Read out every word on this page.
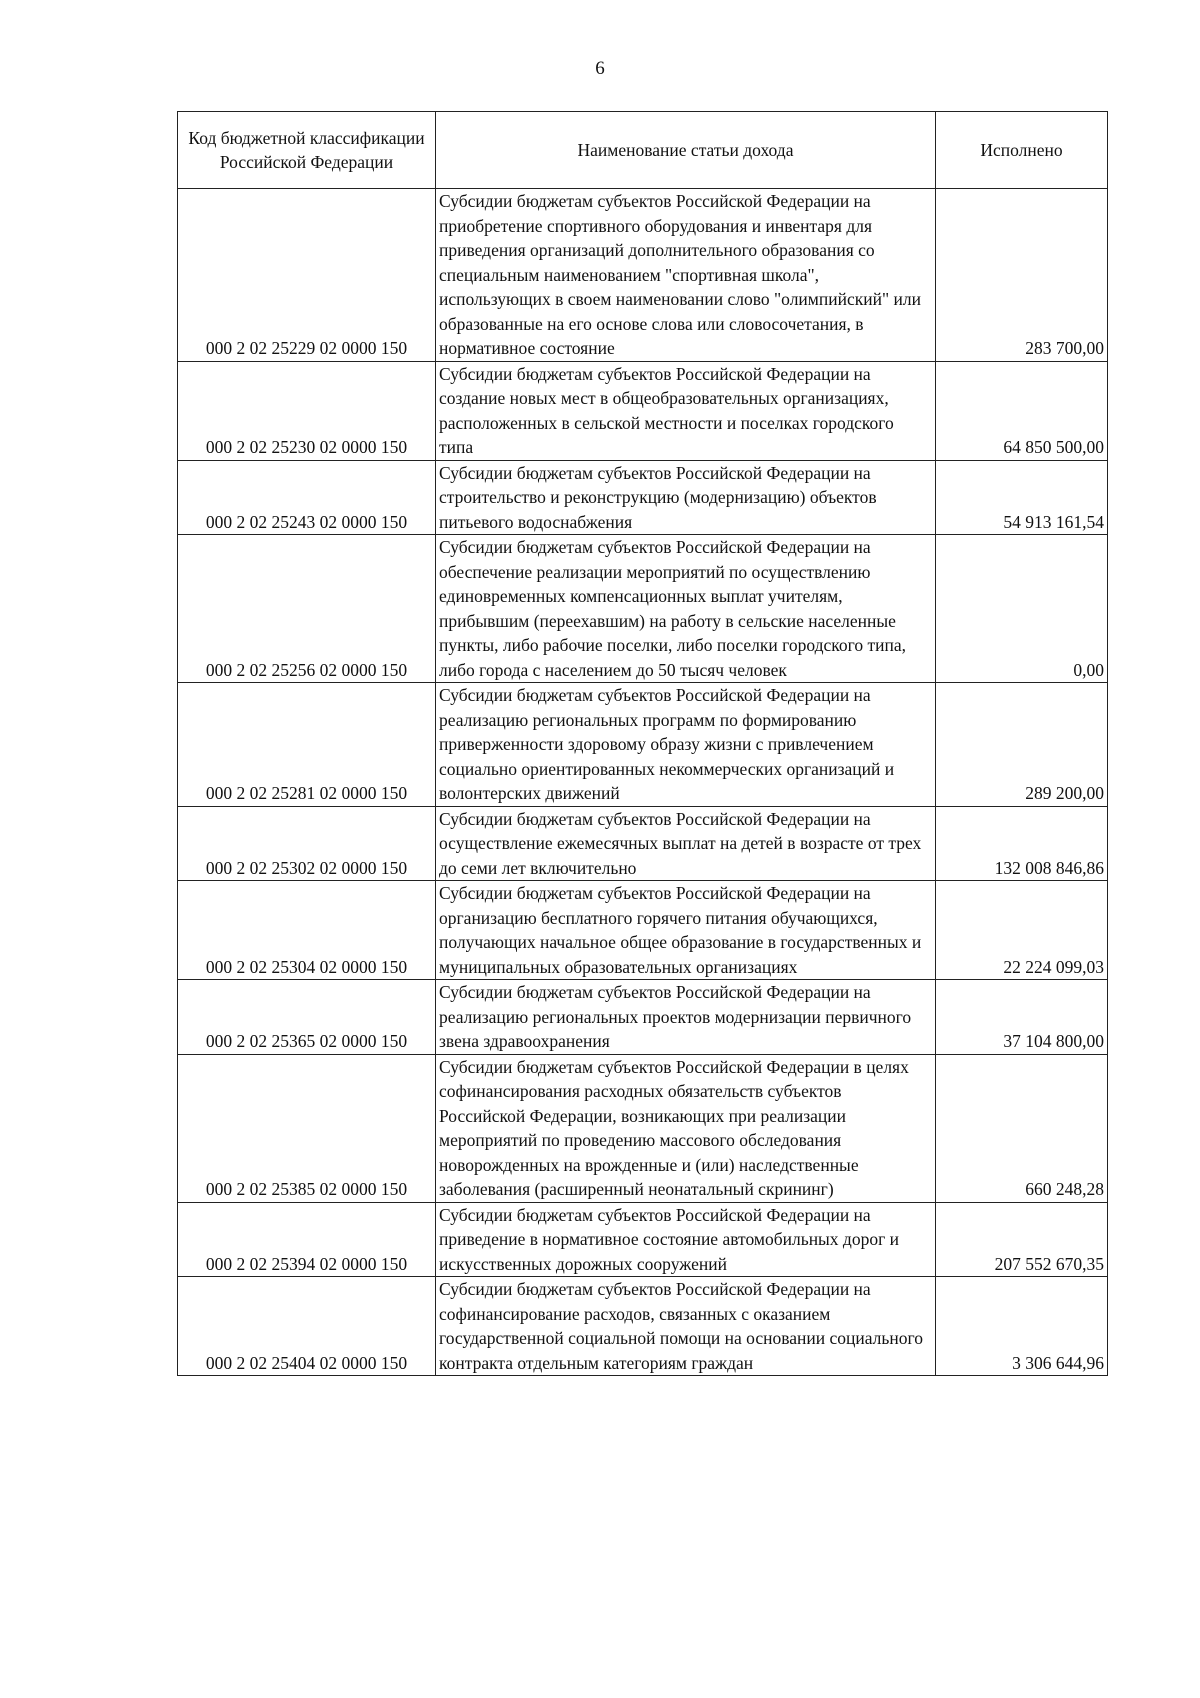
6
Код бюджетной классификации Российской Федерации	Наименование статьи дохода	Исполнено
000 2 02 25229 02 0000 150	Субсидии бюджетам субъектов Российской Федерации на приобретение спортивного оборудования и инвентаря для приведения организаций дополнительного образования со специальным наименованием "спортивная школа", использующих в своем наименовании слово "олимпийский" или образованные на его основе слова или словосочетания, в нормативное состояние	283 700,00
000 2 02 25230 02 0000 150	Субсидии бюджетам субъектов Российской Федерации на создание новых мест в общеобразовательных организациях, расположенных в сельской местности и поселках городского типа	64 850 500,00
000 2 02 25243 02 0000 150	Субсидии бюджетам субъектов Российской Федерации на строительство и реконструкцию (модернизацию) объектов питьевого водоснабжения	54 913 161,54
000 2 02 25256 02 0000 150	Субсидии бюджетам субъектов Российской Федерации на обеспечение реализации мероприятий по осуществлению единовременных компенсационных выплат учителям, прибывшим (переехавшим) на работу в сельские населенные пункты, либо рабочие поселки, либо поселки городского типа, либо города с населением до 50 тысяч человек	0,00
000 2 02 25281 02 0000 150	Субсидии бюджетам субъектов Российской Федерации на реализацию региональных программ по формированию приверженности здоровому образу жизни с привлечением социально ориентированных некоммерческих организаций и волонтерских движений	289 200,00
000 2 02 25302 02 0000 150	Субсидии бюджетам субъектов Российской Федерации на осуществление ежемесячных выплат на детей в возрасте от трех до семи лет включительно	132 008 846,86
000 2 02 25304 02 0000 150	Субсидии бюджетам субъектов Российской Федерации на организацию бесплатного горячего питания обучающихся, получающих начальное общее образование в государственных и муниципальных образовательных организациях	22 224 099,03
000 2 02 25365 02 0000 150	Субсидии бюджетам субъектов Российской Федерации на реализацию региональных проектов модернизации первичного звена здравоохранения	37 104 800,00
000 2 02 25385 02 0000 150	Субсидии бюджетам субъектов Российской Федерации в целях софинансирования расходных обязательств субъектов Российской Федерации, возникающих при реализации мероприятий по проведению массового обследования новорожденных на врожденные и (или) наследственные заболевания (расширенный неонатальный скрининг)	660 248,28
000 2 02 25394 02 0000 150	Субсидии бюджетам субъектов Российской Федерации на приведение в нормативное состояние автомобильных дорог и искусственных дорожных сооружений	207 552 670,35
000 2 02 25404 02 0000 150	Субсидии бюджетам субъектов Российской Федерации на софинансирование расходов, связанных с оказанием государственной социальной помощи на основании социального контракта отдельным категориям граждан	3 306 644,96
